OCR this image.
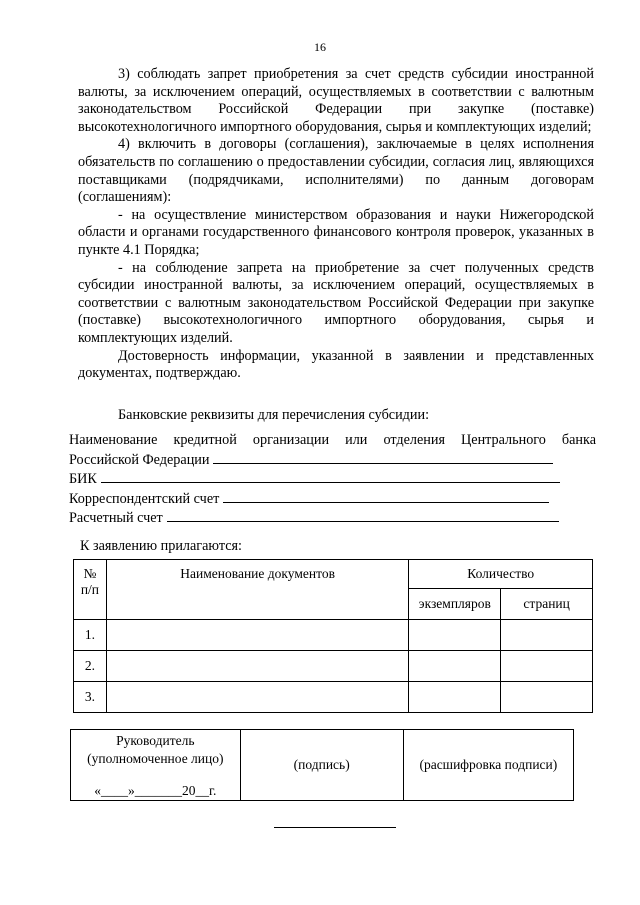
16

3) соблюдать запрет приобретения за счет средств субсидии иностранной валюты, за исключением операций, осуществляемых в соответствии с валютным законодательством Российской Федерации при закупке (поставке) высокотехнологичного импортного оборудования, сырья и комплектующих изделий;

4) включить в договоры (соглашения), заключаемые в целях исполнения обязательств по соглашению о предоставлении субсидии, согласия лиц, являющихся поставщиками (подрядчиками, исполнителями) по данным договорам (соглашениям):

- на осуществление министерством образования и науки Нижегородской области и органами государственного финансового контроля проверок, указанных в пункте 4.1 Порядка;

- на соблюдение запрета на приобретение за счет полученных средств субсидии иностранной валюты, за исключением операций, осуществляемых в соответствии с валютным законодательством Российской Федерации при закупке (поставке) высокотехнологичного импортного оборудования, сырья и комплектующих изделий.

Достоверность информации, указанной в заявлении и представленных документах, подтверждаю.

Банковские реквизиты для перечисления субсидии:
Наименование кредитной организации или отделения Центрального банка
Российской Федерации
БИК
Корреспондентский счет
Расчетный счет
К заявлению прилагаются:
№
п/п	Наименование документов	Количество	
		экземпляров	страниц
1.			
2.			
3.			
Руководитель
(уполномоченное лицо)
«____»_______20__г.
	(подпись)	(расшифровка подписи)
